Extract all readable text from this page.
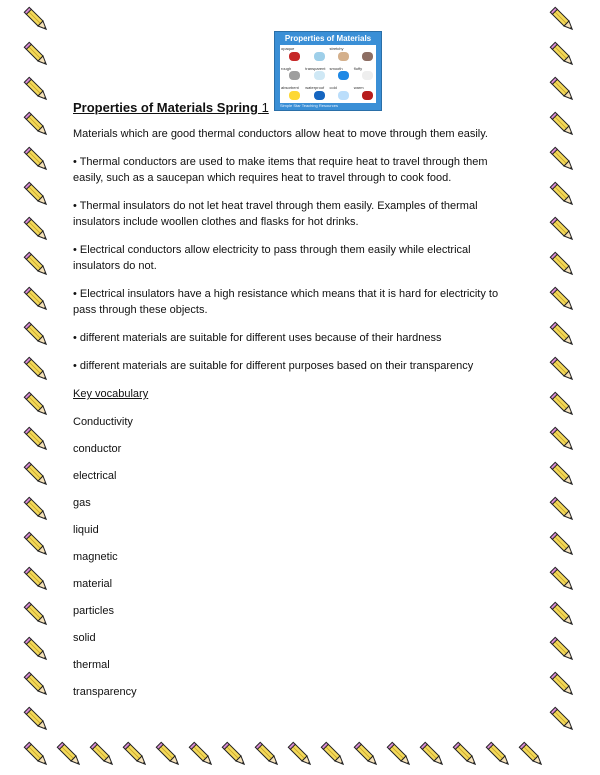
Properties of Materials
opaque	stretchy
rough	transparent smooth	fluffy
absorbent waterproof cold	warm
Simple Star Teaching Resources
Properties of Materials Spring 1

Materials which are good thermal conductors allow heat to move through them easily.

• Thermal conductors are used to make items that require heat to travel through them easily, such as a saucepan which requires heat to travel through to cook food.

• Thermal insulators do not let heat travel through them easily. Examples of thermal insulators include woollen clothes and flasks for hot drinks.

• Electrical conductors allow electricity to pass through them easily while electrical insulators do not.

• Electrical insulators have a high resistance which means that it is hard for electricity to pass through these objects.

• different materials are suitable for different uses because of their hardness

• different materials are suitable for different purposes based on their transparency

Key vocabulary

Conductivity

conductor

electrical

gas

liquid

magnetic

material

particles

solid

thermal

transparency
